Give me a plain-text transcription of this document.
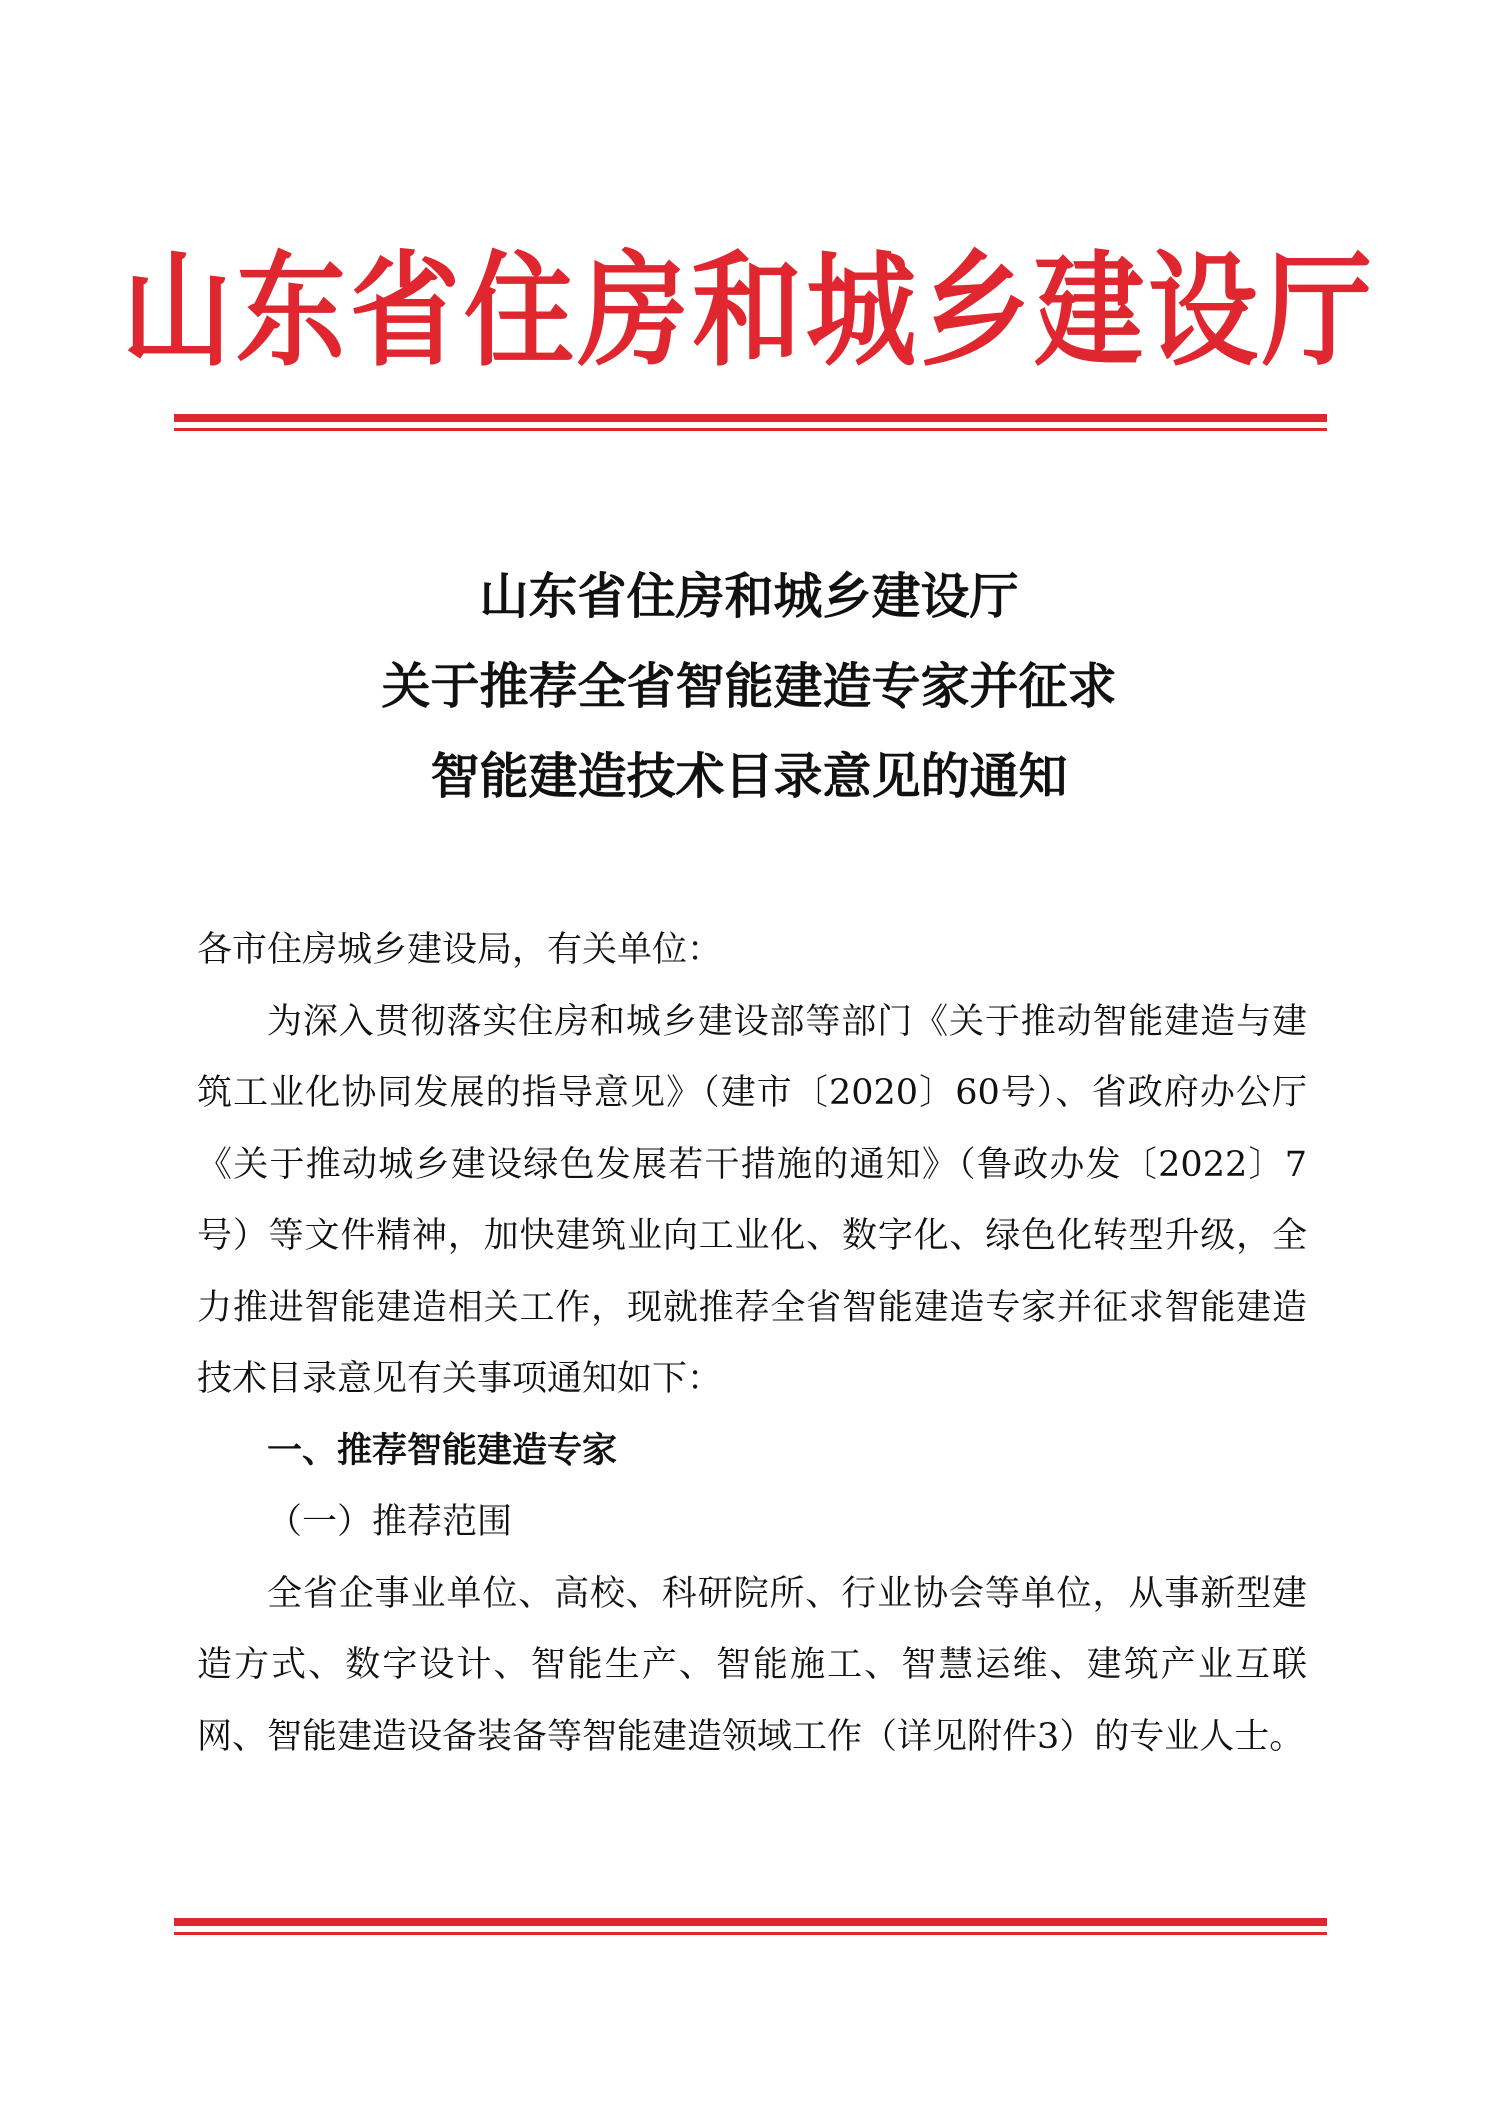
山东省住房和城乡建设厅
山东省住房和城乡建设厅
关于推荐全省智能建造专家并征求
智能建造技术目录意见的通知

各市住房城乡建设局，有关单位：

为深入贯彻落实住房和城乡建设部等部门《关于推动智能建造与建筑工业化协同发展的指导意见》（建市〔2020〕60号）、省政府办公厅《关于推动城乡建设绿色发展若干措施的通知》（鲁政办发〔2022〕7号）等文件精神，加快建筑业向工业化、数字化、绿色化转型升级，全力推进智能建造相关工作，现就推荐全省智能建造专家并征求智能建造技术目录意见有关事项通知如下：

一、推荐智能建造专家

（一）推荐范围

全省企事业单位、高校、科研院所、行业协会等单位，从事新型建造方式、数字设计、智能生产、智能施工、智慧运维、建筑产业互联网、智能建造设备装备等智能建造领域工作（详见附件3）的专业人士。
